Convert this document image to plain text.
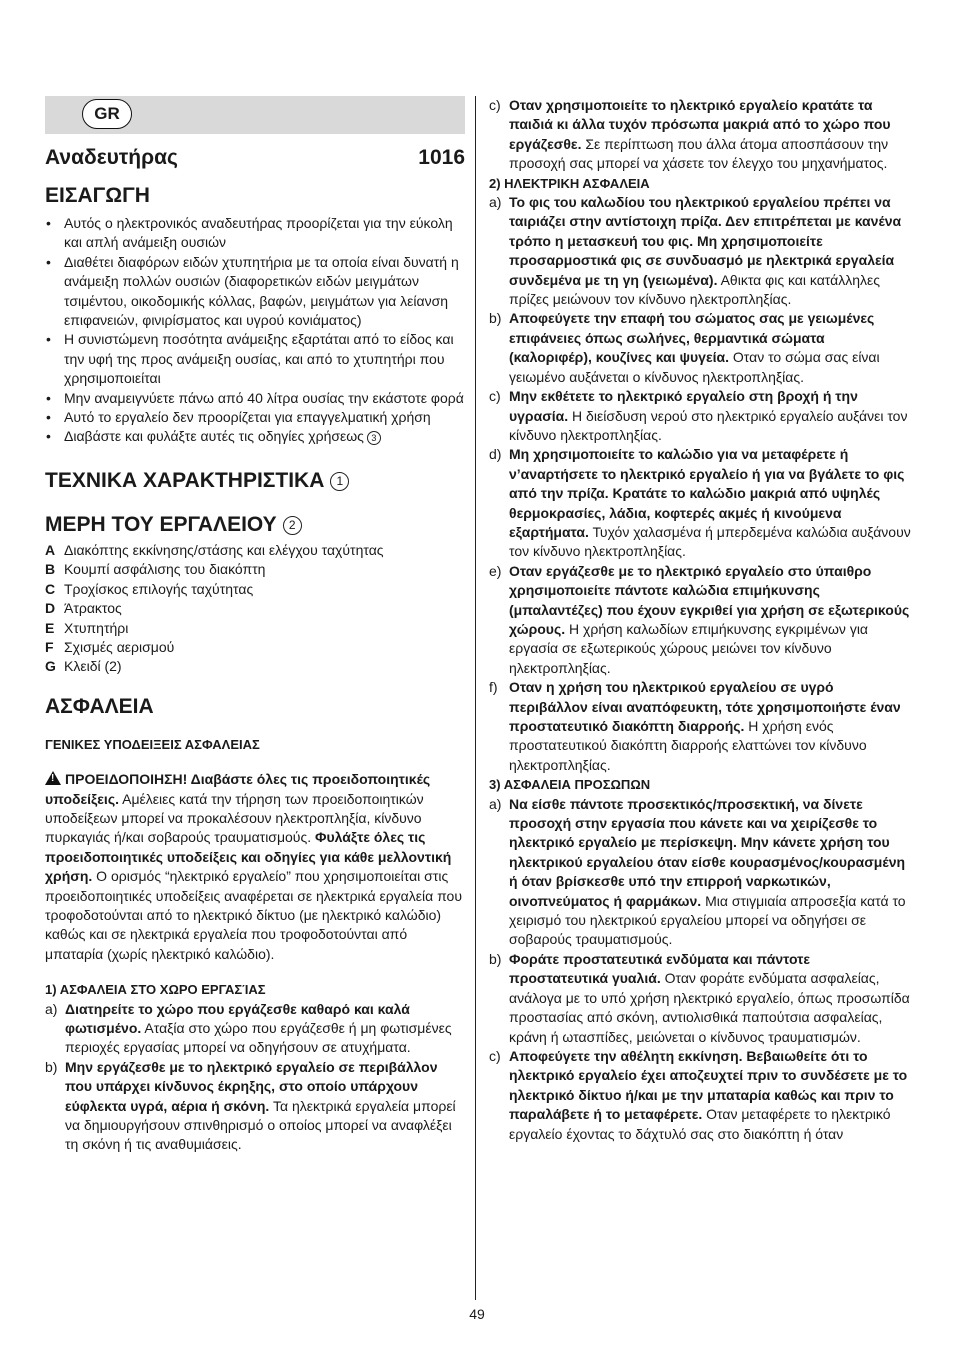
GR
Αναδευτήρας	1016
ΕΙΣΑΓΩΓΗ
• Αυτός ο ηλεκτρονικός αναδευτήρας προορίζεται για την εύκολη και απλή ανάμειξη ουσιών
• Διαθέτει διαφόρων ειδών χτυπητήρια με τα οποία είναι δυνατή η ανάμειξη πολλών ουσιών (διαφορετικών ειδών μειγμάτων τσιμέντου, οικοδομικής κόλλας, βαφών, μειγμάτων για λείανση επιφανειών, φινιρίσματος και υγρού κονιάματος)
• Η συνιστώμενη ποσότητα ανάμειξης εξαρτάται από το είδος και την υφή της προς ανάμειξη ουσίας, και από το χτυπητήρι που χρησιμοποιείται
• Μην αναμειγνύετε πάνω από 40 λίτρα ουσίας την εκάστοτε φορά
• Αυτό το εργαλείο δεν προορίζεται για επαγγελματική χρήση
• Διαβάστε και φυλάξτε αυτές τις οδηγίες χρήσεως 3
ΤΕΧΝΙΚΑ ΧΑΡΑΚΤΗΡΙΣΤΙΚΑ 1
ΜΕΡΗ ΤΟΥ ΕΡΓΑΛΕΙΟΥ 2
A Διακόπτης εκκίνησης/στάσης και ελέγχου ταχύτητας
B Κουμπί ασφάλισης του διακόπτη
C Τροχίσκος επιλογής ταχύτητας
D Άτρακτος
E Χτυπητήρι
F Σχισμές αερισμού
G Κλειδί (2)
ΑΣΦΑΛΕΙΑ
ΓΕΝΙΚΕΣ ΥΠΟΔΕΙΞΕΙΣ ΑΣΦΑΛΕΙΑΣ
!ΠΡΟΕΙΔΟΠΟΙΗΣΗ! Διαβάστε όλες τις προειδοποιητικές υποδείξεις. Αμέλειες κατά την τήρηση των προειδοποιητικών υποδείξεων μπορεί να προκαλέσουν ηλεκτροπληξία, κίνδυνο πυρκαγιάς ή/και σοβαρούς τραυματισμούς. Φυλάξτε όλες τις προειδοποιητικές υποδείξεις και οδηγίες για κάθε μελλοντική χρήση. Ο ορισμός “ηλεκτρικό εργαλείο” που χρησιμοποιείται στις προειδοποιητικές υποδείξεις αναφέρεται σε ηλεκτρικά εργαλεία που τροφοδοτούνται από το ηλεκτρικό δίκτυο (με ηλεκτρικό καλώδιο) καθώς και σε ηλεκτρικά εργαλεία που τροφοδοτούνται από μπαταρία (χωρίς ηλεκτρικό καλώδιο).
1) ΑΣΦΑΛΕΙΑ ΣΤΟ ΧΩΡΟ ΕΡΓΑΣΊΑΣ
a) Διατηρείτε το χώρο που εργάζεσθε καθαρό και καλά φωτισμένο. Αταξία στο χώρο που εργάζεσθε ή μη φωτισμένες περιοχές εργασίας μπορεί να οδηγήσουν σε ατυχήματα.
b) Μην εργάζεσθε με το ηλεκτρικό εργαλείο σε περιβάλλον που υπάρχει κίνδυνος έκρηξης, στο οποίο υπάρχουν εύφλεκτα υγρά, αέρια ή σκόνη. Τα ηλεκτρικά εργαλεία μπορεί να δημιουργήσουν σπινθηρισμό ο οποίος μπορεί να αναφλέξει τη σκόνη ή τις αναθυμιάσεις.
c) Οταν χρησιμοποιείτε το ηλεκτρικό εργαλείο κρατάτε τα παιδιά κι άλλα τυχόν πρόσωπα μακριά από το χώρο που εργάζεσθε. Σε περίπτωση που άλλα άτομα αποσπάσουν την προσοχή σας μπορεί να χάσετε τον έλεγχο του μηχανήματος.
2) ΗΛΕΚΤΡΙΚΗ ΑΣΦΑΛΕΙΑ
a) Το φις του καλωδίου του ηλεκτρικού εργαλείου πρέπει να ταιριάζει στην αντίστοιχη πρίζα. Δεν επιτρέπεται με κανένα τρόπο η μετασκευή του φις. Μη χρησιμοποιείτε προσαρμοστικά φις σε συνδυασμό με ηλεκτρικά εργαλεία συνδεμένα με τη γη (γειωμένα). Αθικτα φις και κατάλληλες πρίζες μειώνουν τον κίνδυνο ηλεκτροπληξίας.
b) Αποφεύγετε την επαφή του σώματος σας με γειωμένες επιφάνειες όπως σωλήνες, θερμαντικά σώματα (καλοριφέρ), κουζίνες και ψυγεία. Οταν το σώμα σας είναι γειωμένο αυξάνεται ο κίνδυνος ηλεκτροπληξίας.
c) Μην εκθέτετε το ηλεκτρικό εργαλείο στη βροχή ή την υγρασία. Η διείσδυση νερού στο ηλεκτρικό εργαλείο αυξάνει τον κίνδυνο ηλεκτροπληξίας.
d) Μη χρησιμοποιείτε το καλώδιο για να μεταφέρετε ή ν’αναρτήσετε το ηλεκτρικό εργαλείο ή για να βγάλετε το φις από την πρίζα. Κρατάτε το καλώδιο μακριά από υψηλές θερμοκρασίες, λάδια, κοφτερές ακμές ή κινούμενα εξαρτήματα. Τυχόν χαλασμένα ή μπερδεμένα καλώδια αυξάνουν τον κίνδυνο ηλεκτροπληξίας.
e) Οταν εργάζεσθε με το ηλεκτρικό εργαλείο στο ύπαιθρο χρησιμοποιείτε πάντοτε καλώδια επιμήκυνσης (μπαλαντέζες) που έχουν εγκριθεί για χρήση σε εξωτερικούς χώρους. Η χρήση καλωδίων επιμήκυνσης εγκριμένων για εργασία σε εξωτερικούς χώρους μειώνει τον κίνδυνο ηλεκτροπληξίας.
f) Οταν η χρήση του ηλεκτρικού εργαλείου σε υγρό περιβάλλον είναι αναπόφευκτη, τότε χρησιμοποιήστε έναν προστατευτικό διακόπτη διαρροής. Η χρήση ενός προστατευτικού διακόπτη διαρροής ελαττώνει τον κίνδυνο ηλεκτροπληξίας.
3) ΑΣΦΑΛΕΙΑ ΠΡΟΣΩΠΩΝ
a) Να είσθε πάντοτε προσεκτικός/προσεκτική, να δίνετε προσοχή στην εργασία που κάνετε και να χειρίζεσθε το ηλεκτρικό εργαλείο με περίσκεψη. Μην κάνετε χρήση του ηλεκτρικού εργαλείου όταν είσθε κουρασμένος/κουρασμένη ή όταν βρίσκεσθε υπό την επιρροή ναρκωτικών, οινοπνεύματος ή φαρμάκων. Μια στιγμιαία απροσεξία κατά το χειρισμό του ηλεκτρικού εργαλείου μπορεί να οδηγήσει σε σοβαρούς τραυματισμούς.
b) Φοράτε προστατευτικά ενδύματα και πάντοτε προστατευτικά γυαλιά. Οταν φοράτε ενδύματα ασφαλείας, ανάλογα με το υπό χρήση ηλεκτρικό εργαλείο, όπως προσωπίδα προστασίας από σκόνη, αντιολισθικά παπούτσια ασφαλείας, κράνη ή ωτασπίδες, μειώνεται ο κίνδυνος τραυματισμών.
c) Αποφεύγετε την αθέλητη εκκίνηση. Βεβαιωθείτε ότι το ηλεκτρικό εργαλείο έχει αποζευχτεί πριν το συνδέσετε με το ηλεκτρικό δίκτυο ή/και με την μπαταρία καθώς και πριν το παραλάβετε ή το μεταφέρετε. Οταν μεταφέρετε το ηλεκτρικό εργαλείο έχοντας το δάχτυλό σας στο διακόπτη ή όταν
49
